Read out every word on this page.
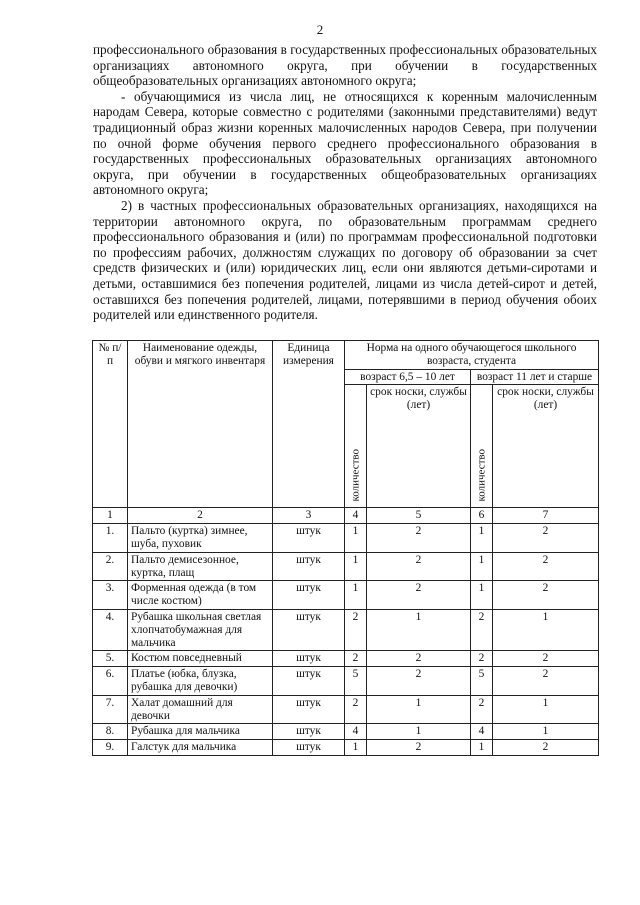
2

профессионального образования в государственных профессиональных образовательных организациях автономного округа, при обучении в государственных общеобразовательных организациях автономного округа;

- обучающимися из числа лиц, не относящихся к коренным малочисленным народам Севера, которые совместно с родителями (законными представителями) ведут традиционный образ жизни коренных малочисленных народов Севера, при получении по очной форме обучения первого среднего профессионального образования в государственных профессиональных образовательных организациях автономного округа, при обучении в государственных общеобразовательных организациях автономного округа;

2) в частных профессиональных образовательных организациях, находящихся на территории автономного округа, по образовательным программам среднего профессионального образования и (или) по программам профессиональной подготовки по профессиям рабочих, должностям служащих по договору об образовании за счет средств физических и (или) юридических лиц, если они являются детьми-сиротами и детьми, оставшимися без попечения родителей, лицами из числа детей-сирот и детей, оставшихся без попечения родителей, лицами, потерявшими в период обучения обоих родителей или единственного родителя.

№ п/п	Наименование одежды, обуви и мягкого инвентаря	Единица измерения	Норма на одного обучающегося школьного возраста, студента			
			возраст 6,5 – 10 лет		возраст 11 лет и старше	

			количество	срок носки, службы (лет)	количество	срок носки, службы (лет)
1	2	3	4	5	6	7
1.	Пальто (куртка) зимнее, шуба, пуховик	штук	1	2	1	2
2.	Пальто демисезонное, куртка, плащ	штук	1	2	1	2
3.	Форменная одежда (в том числе костюм)	штук	1	2	1	2
4.	Рубашка школьная светлая хлопчатобумажная для мальчика	штук	2	1	2	1
5.	Костюм повседневный	штук	2	2	2	2
6.	Платье (юбка, блузка, рубашка для девочки)	штук	5	2	5	2
7.	Халат домашний для девочки	штук	2	1	2	1
8.	Рубашка для мальчика	штук	4	1	4	1
9.	Галстук для мальчика	штук	1	2	1	2
